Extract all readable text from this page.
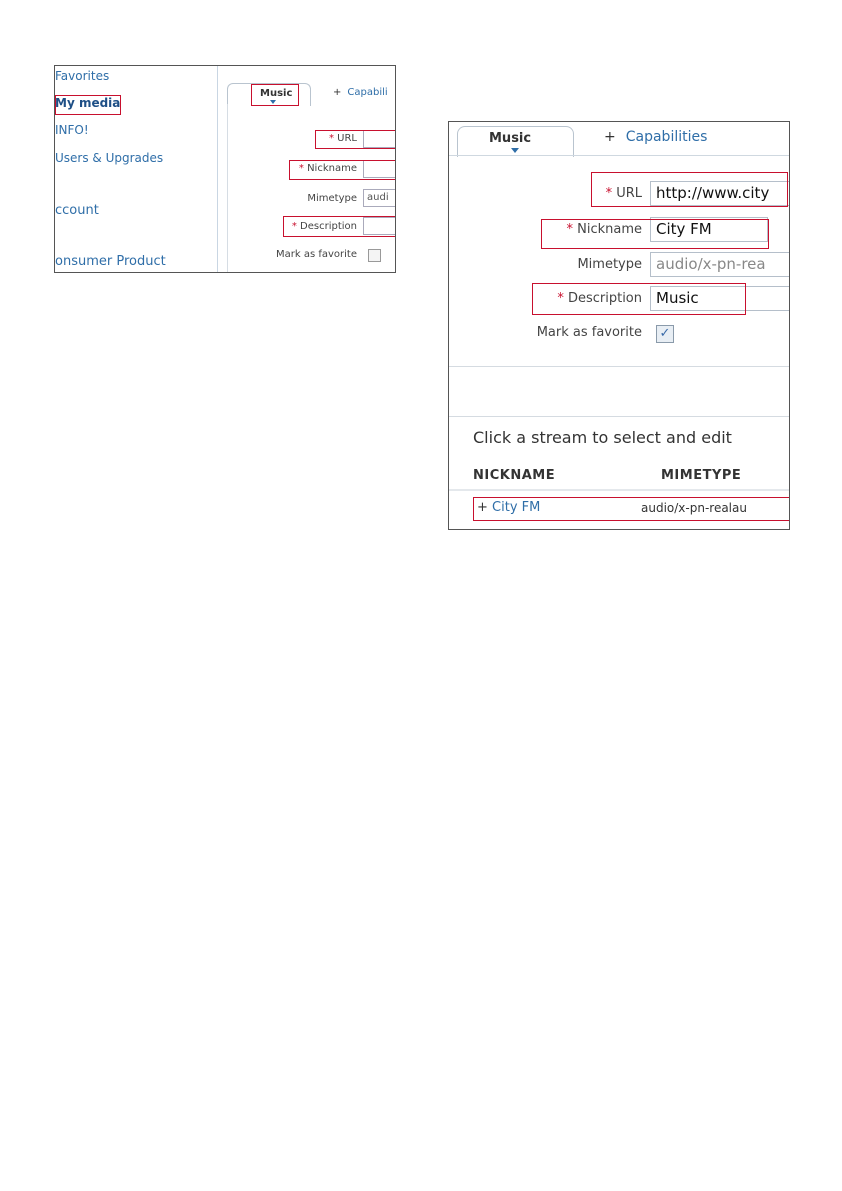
Favorites
My media
INFO!
Users & Upgrades
ccount
onsumer Product
Music	+ Capabili
* URL
* Nickname
Mimetype	audi
* Description
Mark as favorite
Music	+ Capabilities
* URL http://www.city
* Nickname City FM
Mimetype audio/x-pn-rea
* Description Music
Mark as favorite ✓
Click a stream to select and edit
NICKNAME	MIMETYPE
+ City FM	audio/x-pn-realau
